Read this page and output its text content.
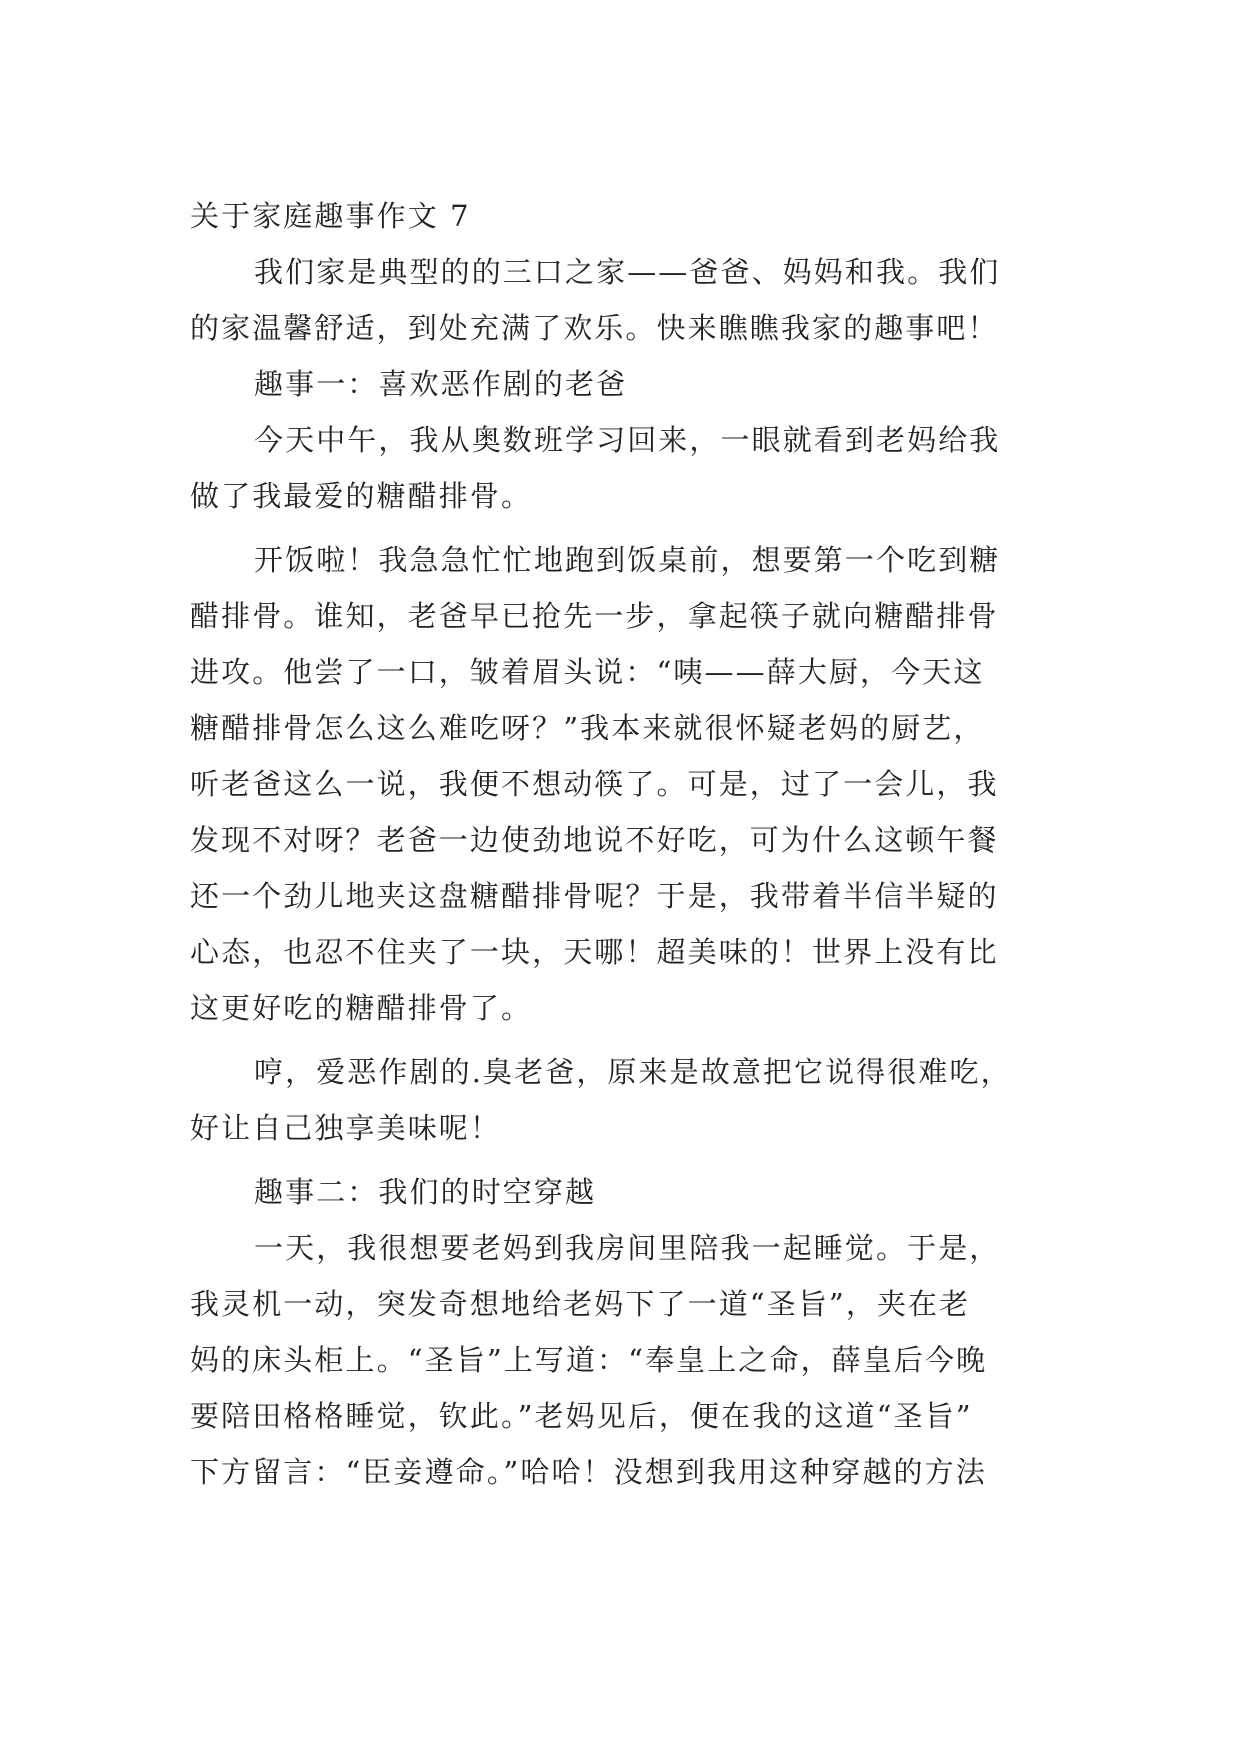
关于家庭趣事作文 7
我们家是典型的的三口之家——爸爸、妈妈和我。我们
的家温馨舒适，到处充满了欢乐。快来瞧瞧我家的趣事吧！
趣事一：喜欢恶作剧的老爸
今天中午，我从奥数班学习回来，一眼就看到老妈给我
做了我最爱的糖醋排骨。
开饭啦！我急急忙忙地跑到饭桌前，想要第一个吃到糖
醋排骨。谁知，老爸早已抢先一步，拿起筷子就向糖醋排骨
进攻。他尝了一口，皱着眉头说：“咦——薛大厨，今天这
糖醋排骨怎么这么难吃呀？”我本来就很怀疑老妈的厨艺，
听老爸这么一说，我便不想动筷了。可是，过了一会儿，我
发现不对呀？老爸一边使劲地说不好吃，可为什么这顿午餐
还一个劲儿地夹这盘糖醋排骨呢？于是，我带着半信半疑的
心态，也忍不住夹了一块，天哪！超美味的！世界上没有比
这更好吃的糖醋排骨了。
哼，爱恶作剧的.臭老爸，原来是故意把它说得很难吃，
好让自己独享美味呢！
趣事二：我们的时空穿越
一天，我很想要老妈到我房间里陪我一起睡觉。于是，
我灵机一动，突发奇想地给老妈下了一道“圣旨”，夹在老
妈的床头柜上。“圣旨”上写道：“奉皇上之命，薛皇后今晚
要陪田格格睡觉，钦此。”老妈见后，便在我的这道“圣旨”
下方留言：“臣妾遵命。”哈哈！没想到我用这种穿越的方法
